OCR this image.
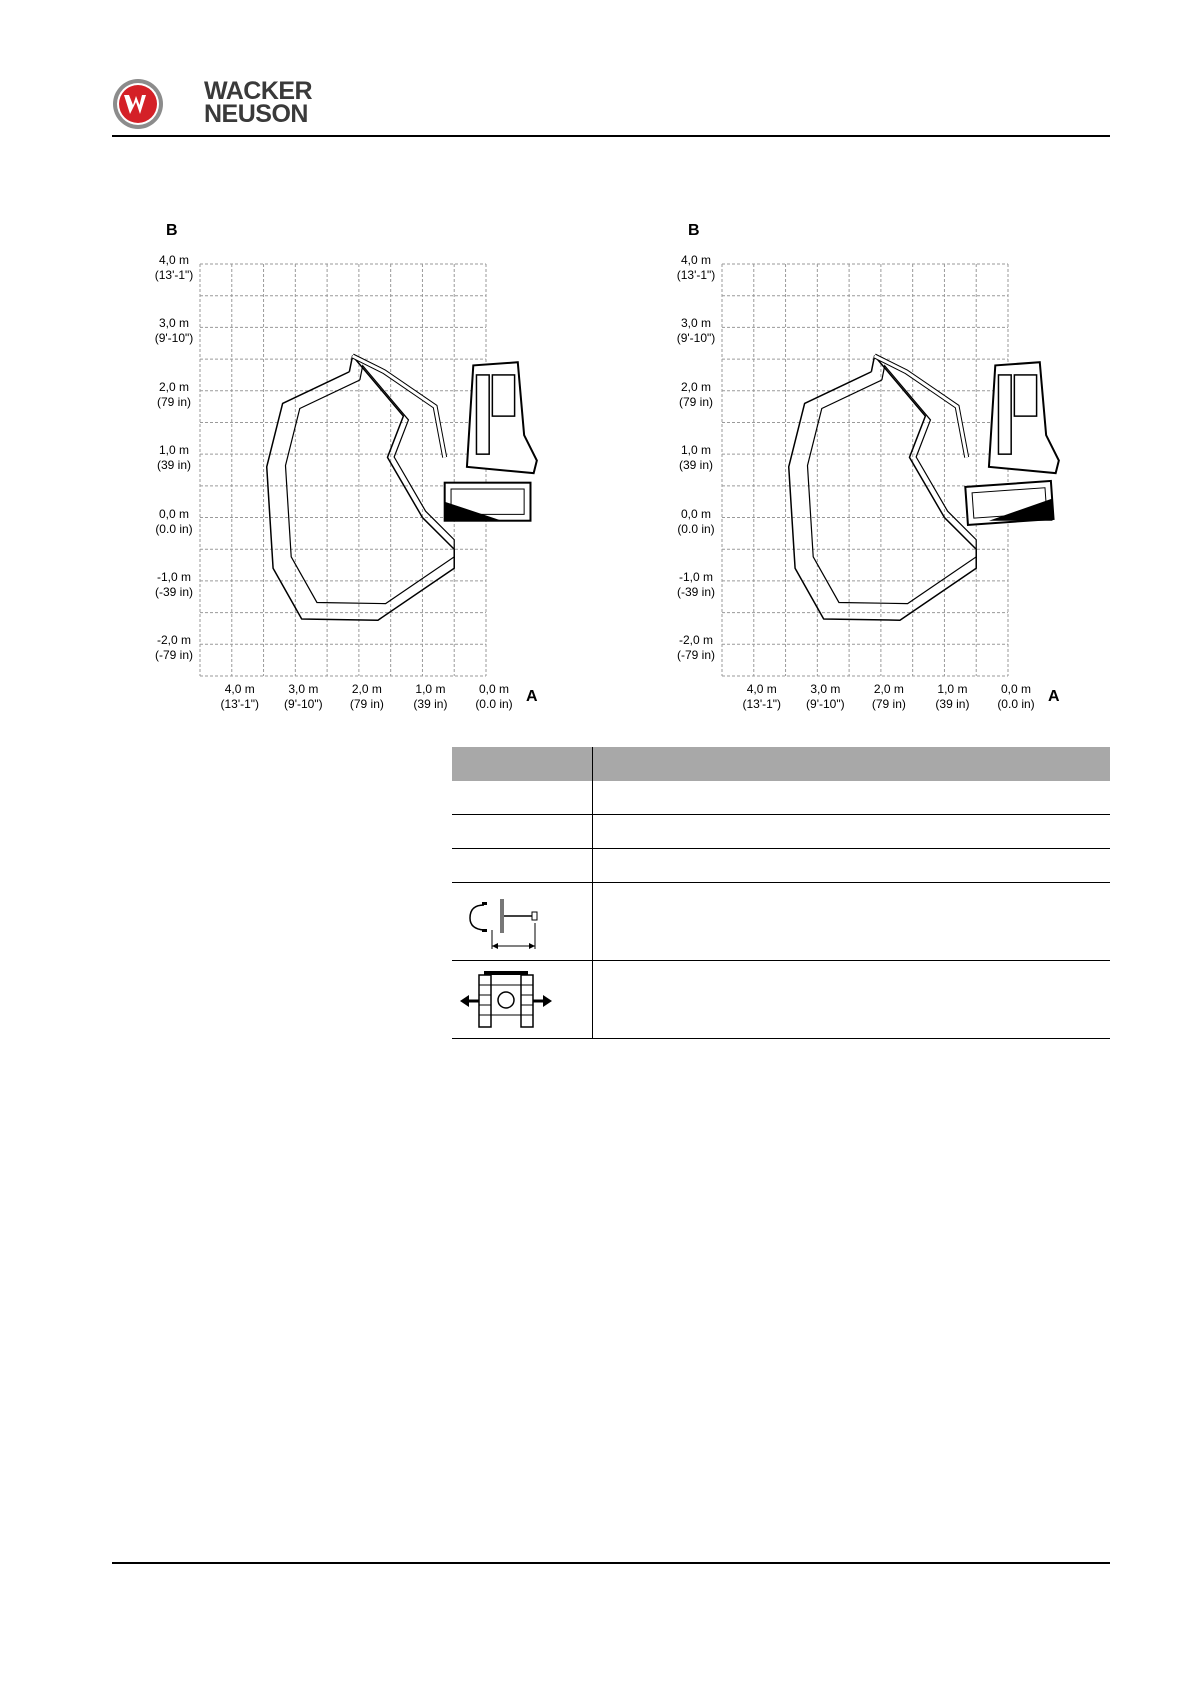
WACKER
NEUSON
B
A
4,0 m
(13'-1")
3,0 m
(9'-10")
2,0 m
(79 in)
1,0 m
(39 in)
0,0 m
(0.0 in)
-1,0 m
(-39 in)
-2,0 m
(-79 in)
4,0 m
(13'-1")
3,0 m
(9'-10")
2,0 m
(79 in)
1,0 m
(39 in)
0,0 m
(0.0 in)
B
A
4,0 m
(13'-1")
3,0 m
(9'-10")
2,0 m
(79 in)
1,0 m
(39 in)
0,0 m
(0.0 in)
-1,0 m
(-39 in)
-2,0 m
(-79 in)
4,0 m
(13'-1")
3,0 m
(9'-10")
2,0 m
(79 in)
1,0 m
(39 in)
0,0 m
(0.0 in)
